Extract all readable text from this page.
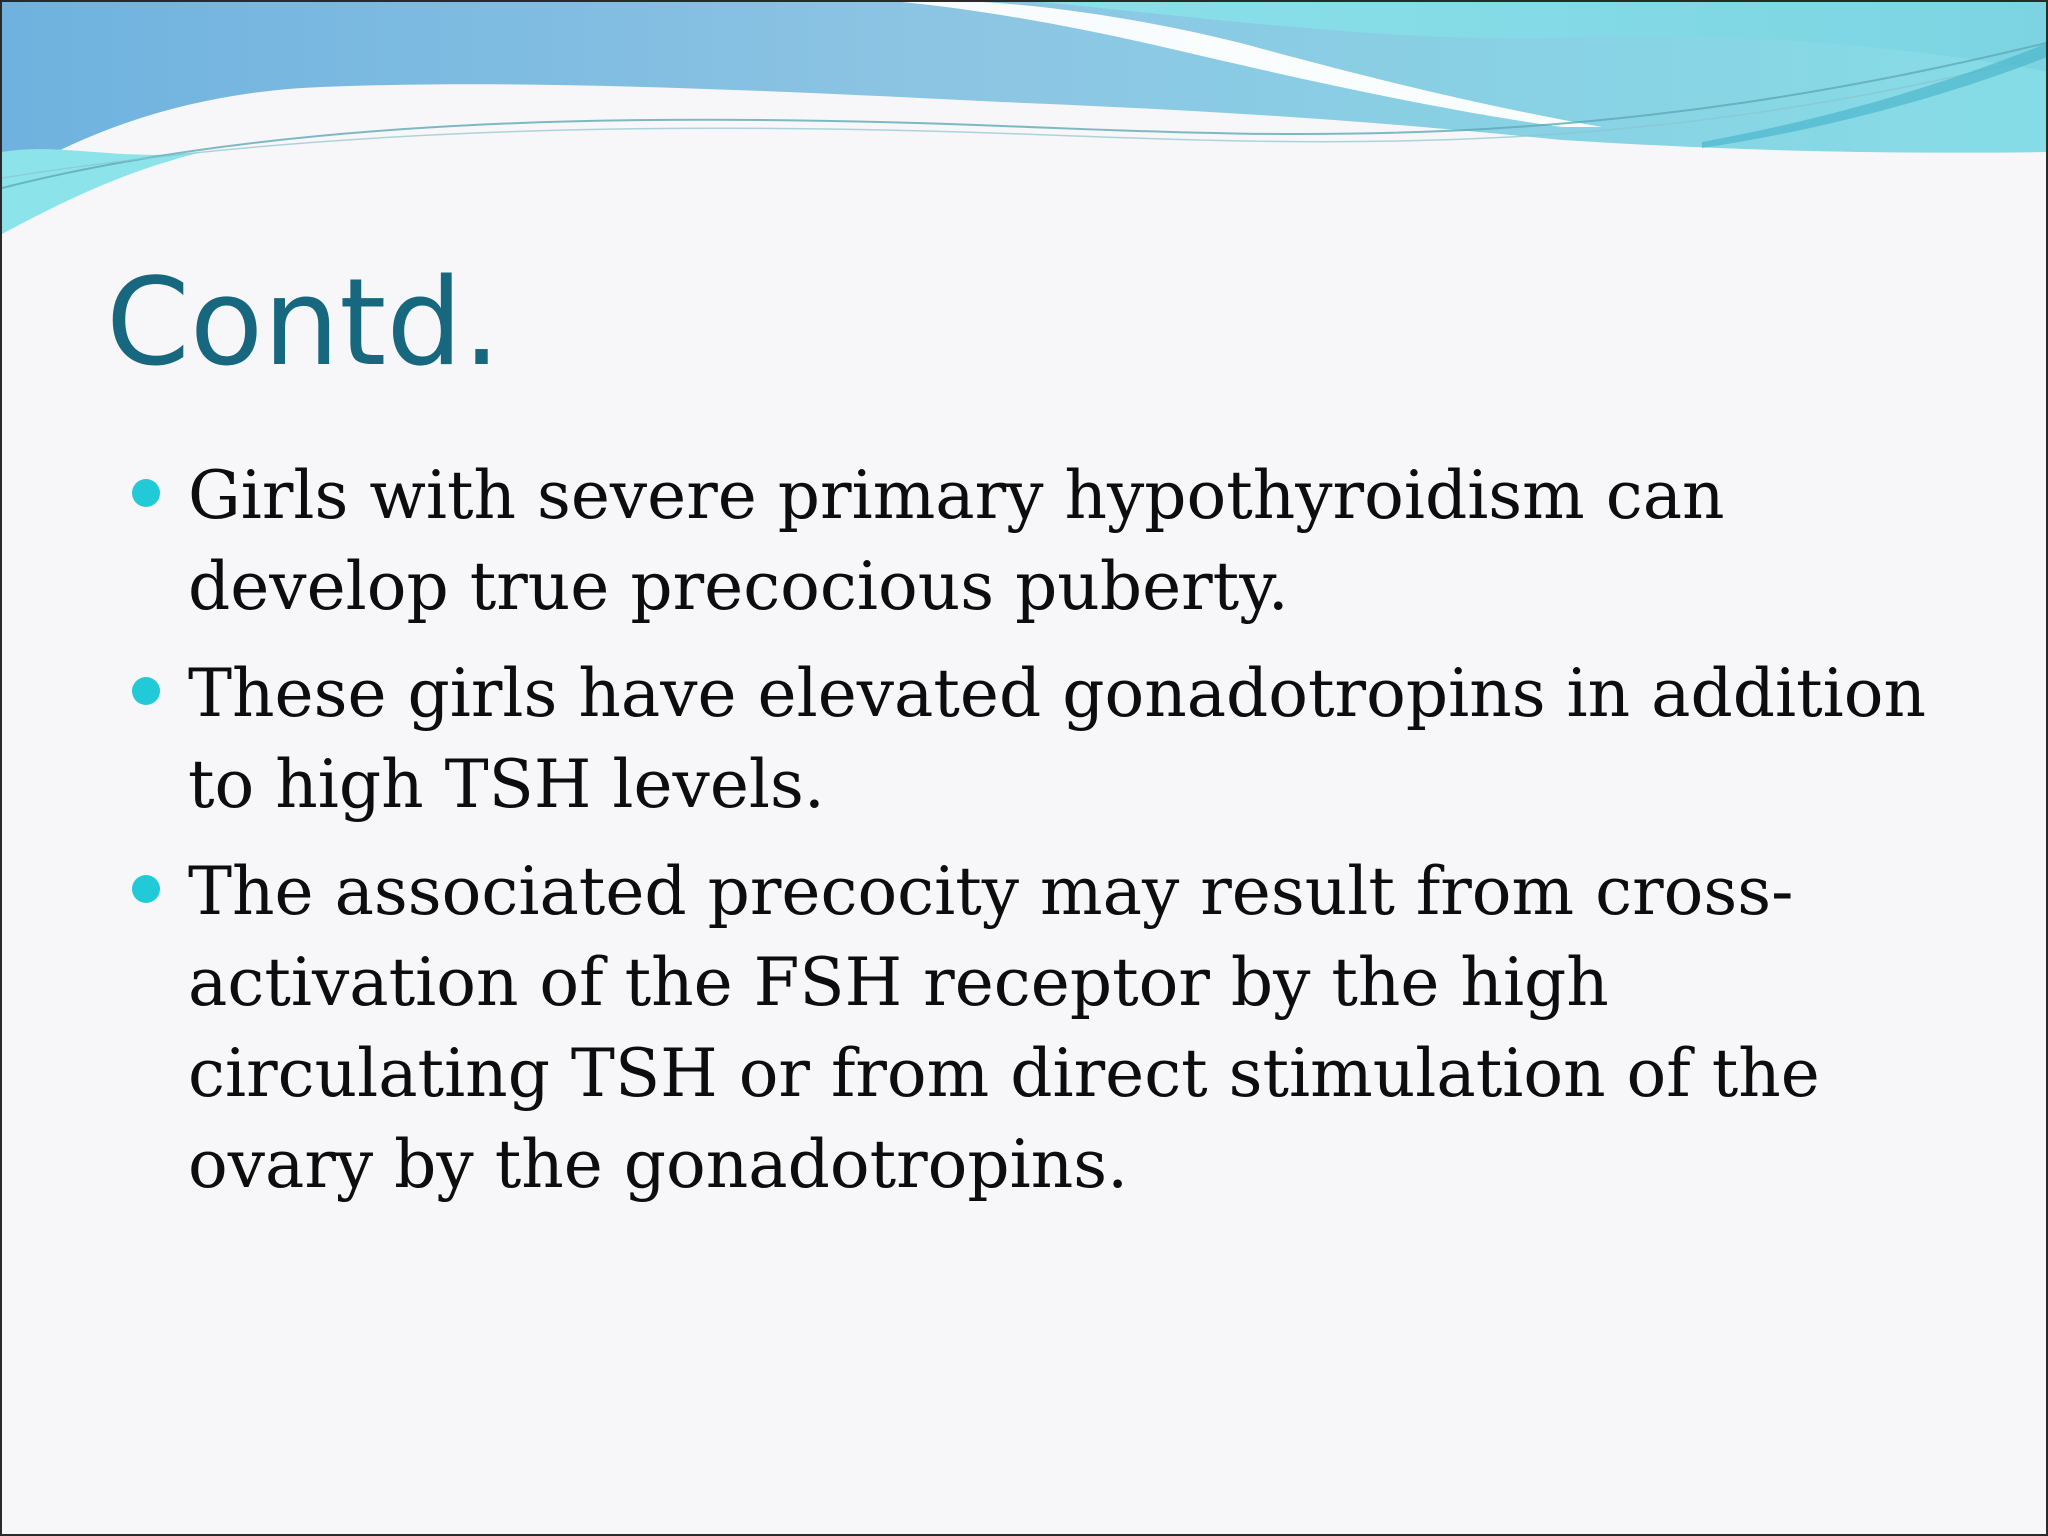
Contd.
Girls with severe primary hypothyroidism can develop true precocious puberty.
These girls have elevated gonadotropins in addition to high TSH levels.
The associated precocity may result from cross-activation of the FSH receptor by the high circulating TSH or from direct stimulation of the ovary by the gonadotropins.
